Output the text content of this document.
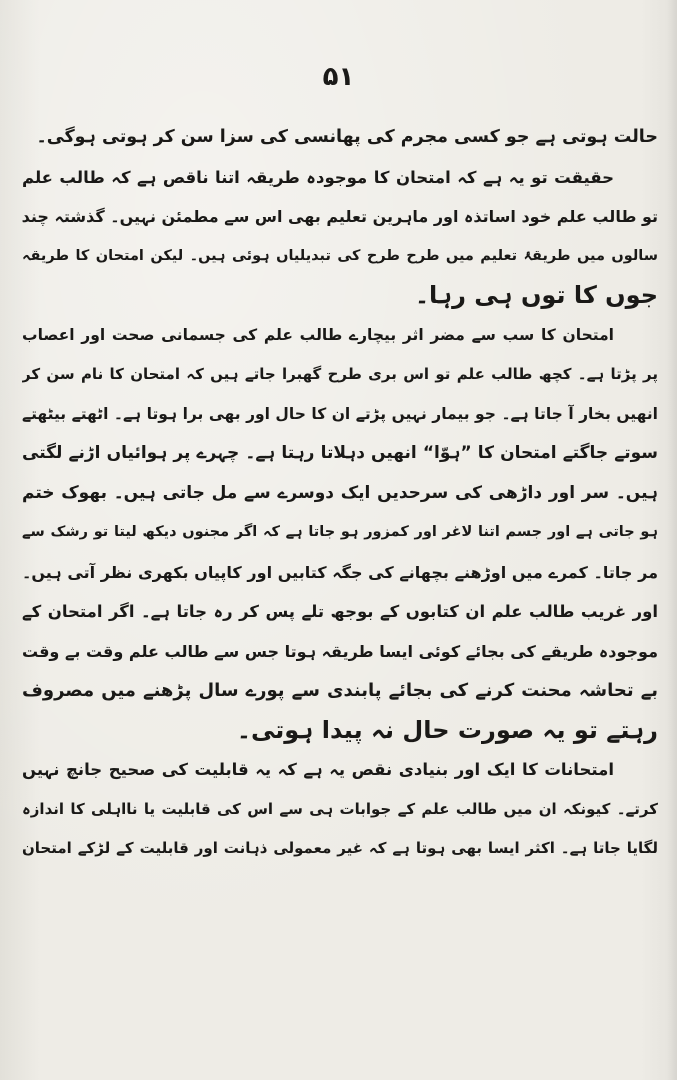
۵۱
حالت ہوتی ہے جو کسی مجرم کی پھانسی کی سزا سن کر ہوتی ہوگی۔
حقیقت تو یہ ہے کہ امتحان کا موجودہ طریقہ اتنا ناقص ہے کہ طالب علم
تو طالب علم خود اساتذہ اور ماہرین تعلیم بھی اس سے مطمئن نہیں۔ گذشتہ چند
سالوں میں طریقۂ تعلیم میں طرح طرح کی تبدیلیاں ہوئی ہیں۔ لیکن امتحان کا طریقہ
جوں کا توں ہی رہا۔
امتحان کا سب سے مضر اثر بیچارے طالب علم کی جسمانی صحت اور اعصاب
پر پڑتا ہے۔ کچھ طالب علم تو اس بری طرح گھبرا جاتے ہیں کہ امتحان کا نام سن کر
انھیں بخار آ جاتا ہے۔ جو بیمار نہیں پڑتے ان کا حال اور بھی برا ہوتا ہے۔ اٹھتے بیٹھتے
سوتے جاگتے امتحان کا ”ہوّا“ انھیں دہلاتا رہتا ہے۔ چہرے پر ہوائیاں اڑنے لگتی
ہیں۔ سر اور داڑھی کی سرحدیں ایک دوسرے سے مل جاتی ہیں۔ بھوک ختم
ہو جاتی ہے اور جسم اتنا لاغر اور کمزور ہو جاتا ہے کہ اگر مجنوں دیکھ لیتا تو رشک سے
مر جاتا۔ کمرے میں اوڑھنے بچھانے کی جگہ کتابیں اور کاپیاں بکھری نظر آتی ہیں۔
اور غریب طالب علم ان کتابوں کے بوجھ تلے پس کر رہ جاتا ہے۔ اگر امتحان کے
موجودہ طریقے کی بجائے کوئی ایسا طریقہ ہوتا جس سے طالب علم وقت بے وقت
بے تحاشہ محنت کرنے کی بجائے پابندی سے پورے سال پڑھنے میں مصروف
رہتے تو یہ صورت حال نہ پیدا ہوتی۔
امتحانات کا ایک اور بنیادی نقص یہ ہے کہ یہ قابلیت کی صحیح جانچ نہیں
کرتے۔ کیونکہ ان میں طالب علم کے جوابات ہی سے اس کی قابلیت یا نااہلی کا اندازہ
لگایا جاتا ہے۔ اکثر ایسا بھی ہوتا ہے کہ غیر معمولی ذہانت اور قابلیت کے لڑکے امتحان
